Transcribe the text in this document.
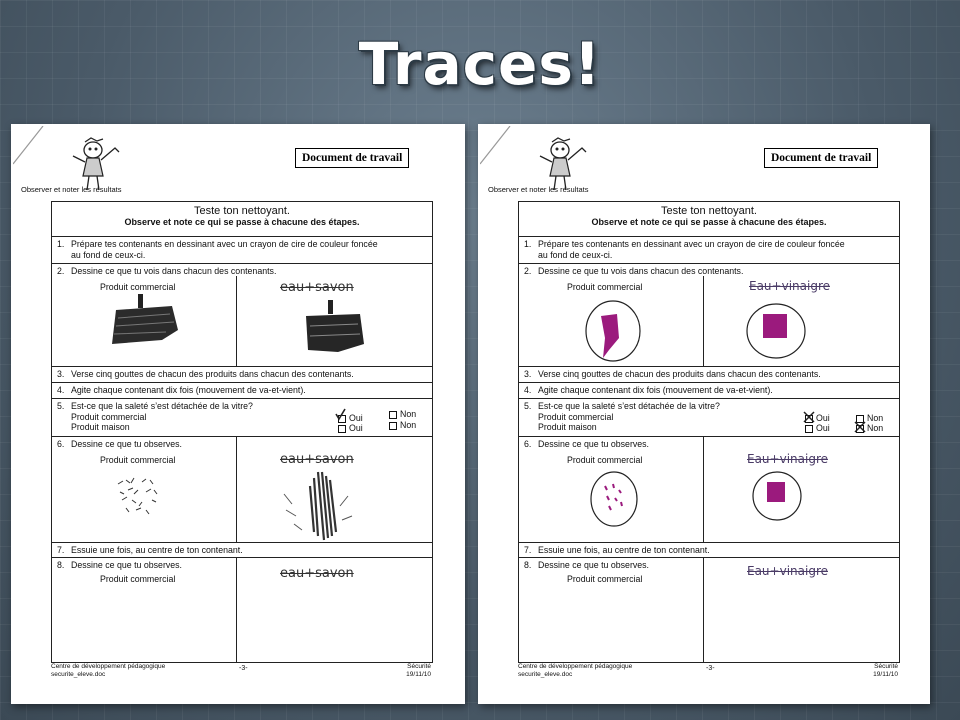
Traces!
Observer et noter les résultats
Document de travail
Teste ton nettoyant.
Observe et note ce qui se passe à chacune des étapes.
1. Prépare tes contenants en dessinant avec un crayon de cire de couleur foncée
au fond de ceux-ci.
2. Dessine ce que tu vois dans chacun des contenants.
Produit commercial
3. Verse cinq gouttes de chacun des produits dans chacun des contenants.
4. Agite chaque contenant dix fois (mouvement de va-et-vient).
5. Est-ce que la saleté s’est détachée de la vitre?
Produit commercial
Produit maison
Oui
Oui
Non
Non
6. Dessine ce que tu observes.
Produit commercial
7. Essuie une fois, au centre de ton contenant.
8. Dessine ce que tu observes.
Produit commercial
eau+savon
eau+savon
eau+savon
Centre de développement pédagogique
securite_eleve.doc
-3-	Sécurité
19/11/10
Observer et noter les résultats
Document de travail
Teste ton nettoyant.
Observe et note ce qui se passe à chacune des étapes.
1. Prépare tes contenants en dessinant avec un crayon de cire de couleur foncée
au fond de ceux-ci.
2. Dessine ce que tu vois dans chacun des contenants.
Produit commercial
3. Verse cinq gouttes de chacun des produits dans chacun des contenants.
4. Agite chaque contenant dix fois (mouvement de va-et-vient).
5. Est-ce que la saleté s’est détachée de la vitre?
Produit commercial
Produit maison
Oui
Oui
Non
Non
6. Dessine ce que tu observes.
Produit commercial
7. Essuie une fois, au centre de ton contenant.
8. Dessine ce que tu observes.
Produit commercial
Eau+vinaigre
Eau+vinaigre
Eau+vinaigre
Centre de développement pédagogique
securite_eleve.doc
-3-	Sécurité
19/11/10
